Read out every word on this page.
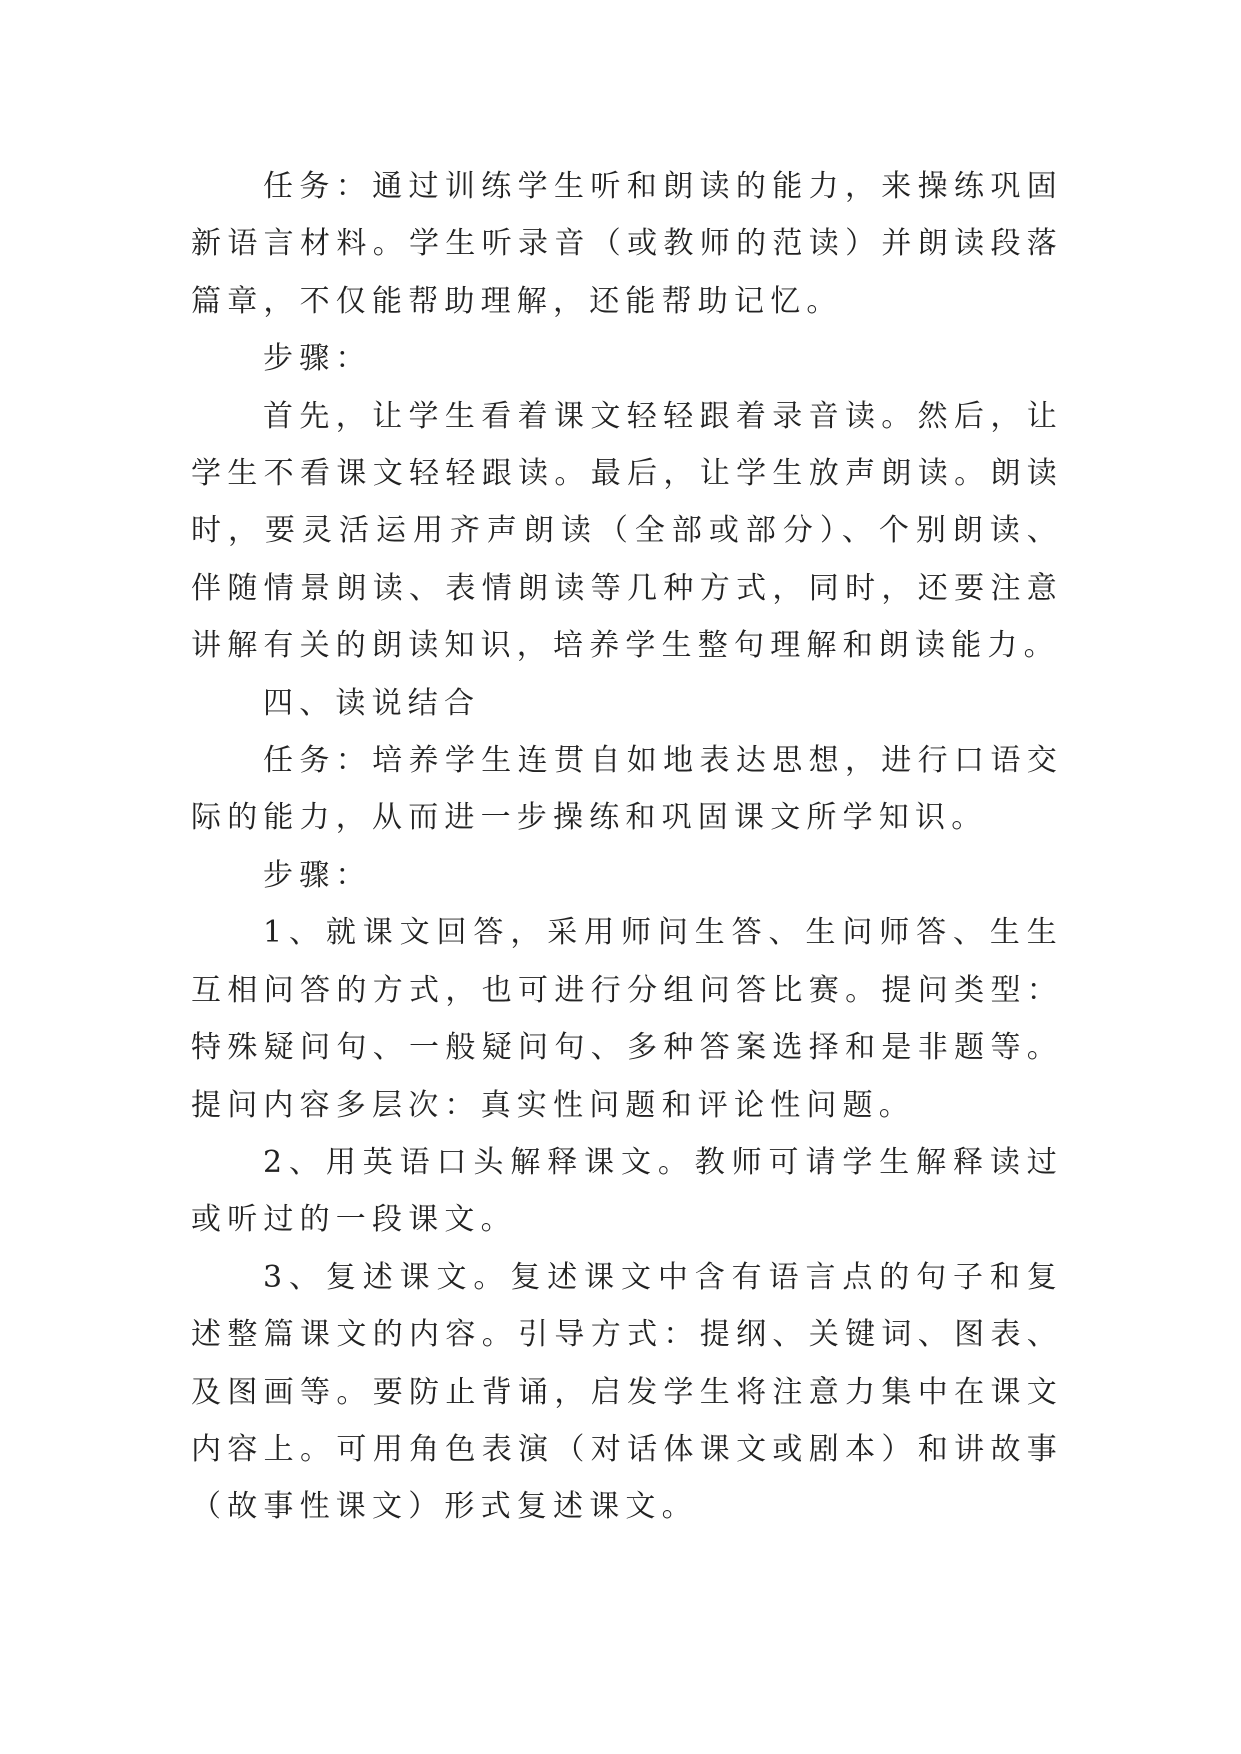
任务：通过训练学生听和朗读的能力，来操练巩固新语言材料。学生听录音（或教师的范读）并朗读段落篇章，不仅能帮助理解，还能帮助记忆。

步骤：

首先，让学生看着课文轻轻跟着录音读。然后，让学生不看课文轻轻跟读。最后，让学生放声朗读。朗读时，要灵活运用齐声朗读（全部或部分）、个别朗读、伴随情景朗读、表情朗读等几种方式，同时，还要注意讲解有关的朗读知识，培养学生整句理解和朗读能力。

四、读说结合

任务：培养学生连贯自如地表达思想，进行口语交际的能力，从而进一步操练和巩固课文所学知识。

步骤：

1、就课文回答，采用师问生答、生问师答、生生互相问答的方式，也可进行分组问答比赛。提问类型：特殊疑问句、一般疑问句、多种答案选择和是非题等。提问内容多层次：真实性问题和评论性问题。

2、用英语口头解释课文。教师可请学生解释读过或听过的一段课文。

3、复述课文。复述课文中含有语言点的句子和复述整篇课文的内容。引导方式：提纲、关键词、图表、及图画等。要防止背诵，启发学生将注意力集中在课文内容上。可用角色表演（对话体课文或剧本）和讲故事（故事性课文）形式复述课文。
